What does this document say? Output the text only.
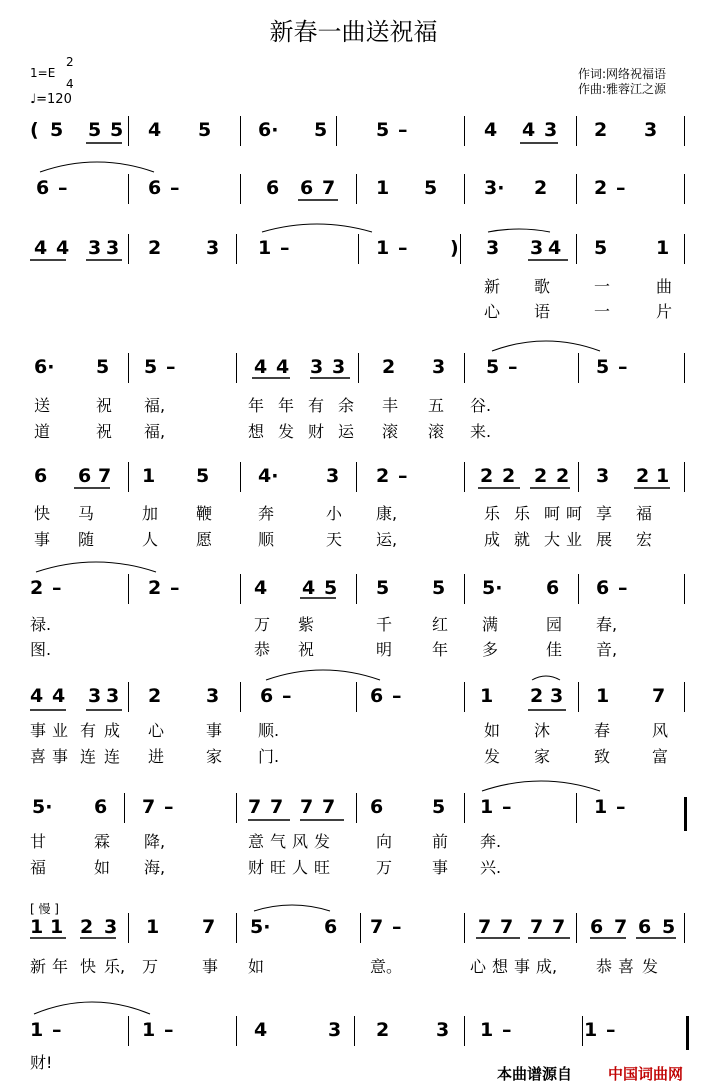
新春一曲送祝福
1=E
2
4
♩=120
作词:网络祝福语
作曲:雅蓉江之源
( 5 5 5 4 5 6· 5	5 –	4 4 3 2 3
6 –	6 –	6 6 7 1 5 3· 2 2 –
4 4 3 3 2 3 1 –	1 – ) 3 3 4 5	1
6· 5 5 –	4 4 3 3 2 3 5 –	5 –
6 6 7 1 5	4·	3 2 –	2 2 2 2 3 2 1
2 –	2 –	4 4 5 5 5 5· 6 6 –
4 4 3 3 2 3 6 –	6 –	1 2 3 1 7
5· 6 7 –	7 7 7 7 6	5 1 –	1 –
1 1 2 3 1 7 5·	6 7 –	7 7 7 7 6 7 6 5
1 –	1 –	4	3 2 3 1 –	1 –
新 歌	一	曲
心 语	一	片
送	祝 福,	年 年 有 余 丰 五 谷.
道	祝 福,	想 发 财 运 滚 滚 来.
快 马	加 鞭	奔	小 康,	乐 乐 呵 呵 享 福
事 随	人 愿	顺	天 运,	成 就 大 业 展 宏
禄.	万 紫	千 红 满	园 春,
图.	恭 祝	明 年 多	佳 音,
事 业 有 成 心	事 顺.	如 沐	春	风
喜 事 连 连 进	家 门.	发 家	致	富
甘	霖 降,	意 气 风 发	向 前 奔.
福	如 海,	财 旺 人 旺	万 事 兴.
新 年 快 乐, 万	事 如	意。	心 想 事 成, 恭 喜 发
财!
[ 慢 ]
本曲谱源自 中国词曲网
